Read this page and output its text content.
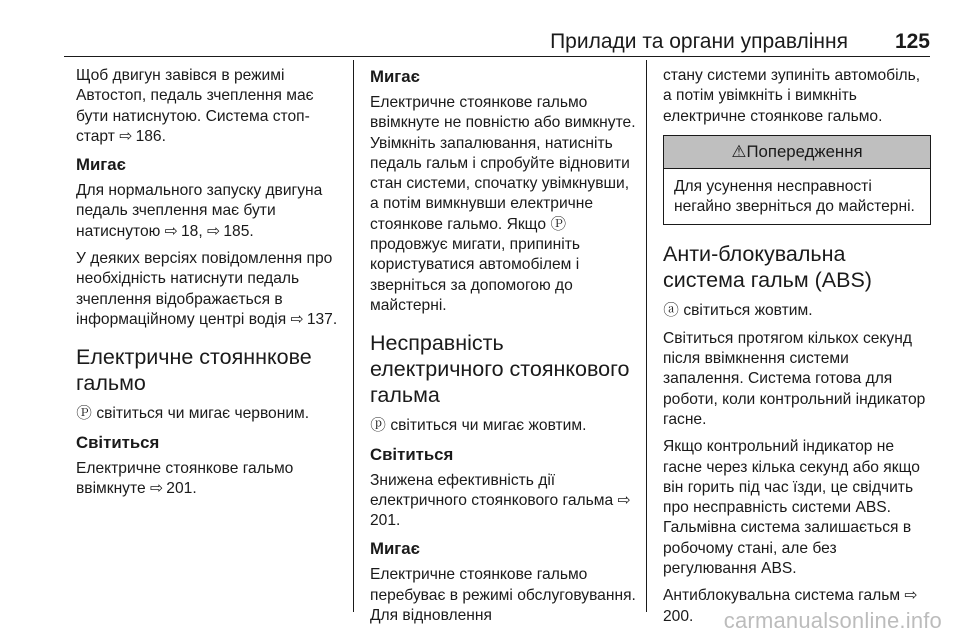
Прилади та органи управління 125

Щоб двигун завівся в режимі Автостоп, педаль зчеплення має бути натиснутою. Система стоп-старт ⇨ 186.

Мигає

Для нормального запуску двигуна педаль зчеплення має бути натиснутою ⇨ 18, ⇨ 185.

У деяких версіях повідомлення про необхідність натиснути педаль зчеплення відображається в інформаційному центрі водія ⇨ 137.

Електричне стояннкове гальмо

Ⓟ світиться чи мигає червоним.

Світиться

Електричне стоянкове гальмо ввімкнуте ⇨ 201.

Мигає

Електричне стоянкове гальмо ввімкнуте не повністю або вимкнуте. Увімкніть запалювання, натисніть педаль гальм і спробуйте відновити стан системи, спочатку увімкнувши, а потім вимкнувши електричне стоянкове гальмо. Якщо Ⓟ продовжує мигати, припиніть користуватися автомобілем і зверніться за допомогою до майстерні.

Несправність електричного стоянкового гальма

ⓟ світиться чи мигає жовтим.

Світиться

Знижена ефективність дії електричного стоянкового гальма ⇨ 201.

Мигає

Електричне стоянкове гальмо перебуває в режимі обслуговування. Для відновлення

стану системи зупиніть автомобіль, а потім увімкніть і вимкніть електричне стоянкове гальмо.

⚠Попередження
Для усунення несправності негайно зверніться до майстерні.
Анти-блокувальна система гальм (ABS)

ⓐ світиться жовтим.

Світиться протягом кількох секунд після ввімкнення системи запалення. Система готова для роботи, коли контрольний індикатор гасне.

Якщо контрольний індикатор не гасне через кілька секунд або якщо він горить під час їзди, це свідчить про несправність системи ABS. Гальмівна система залишається в робочому стані, але без регулювання ABS.

Антиблокувальна система гальм ⇨ 200.	carmanualsonline.info
